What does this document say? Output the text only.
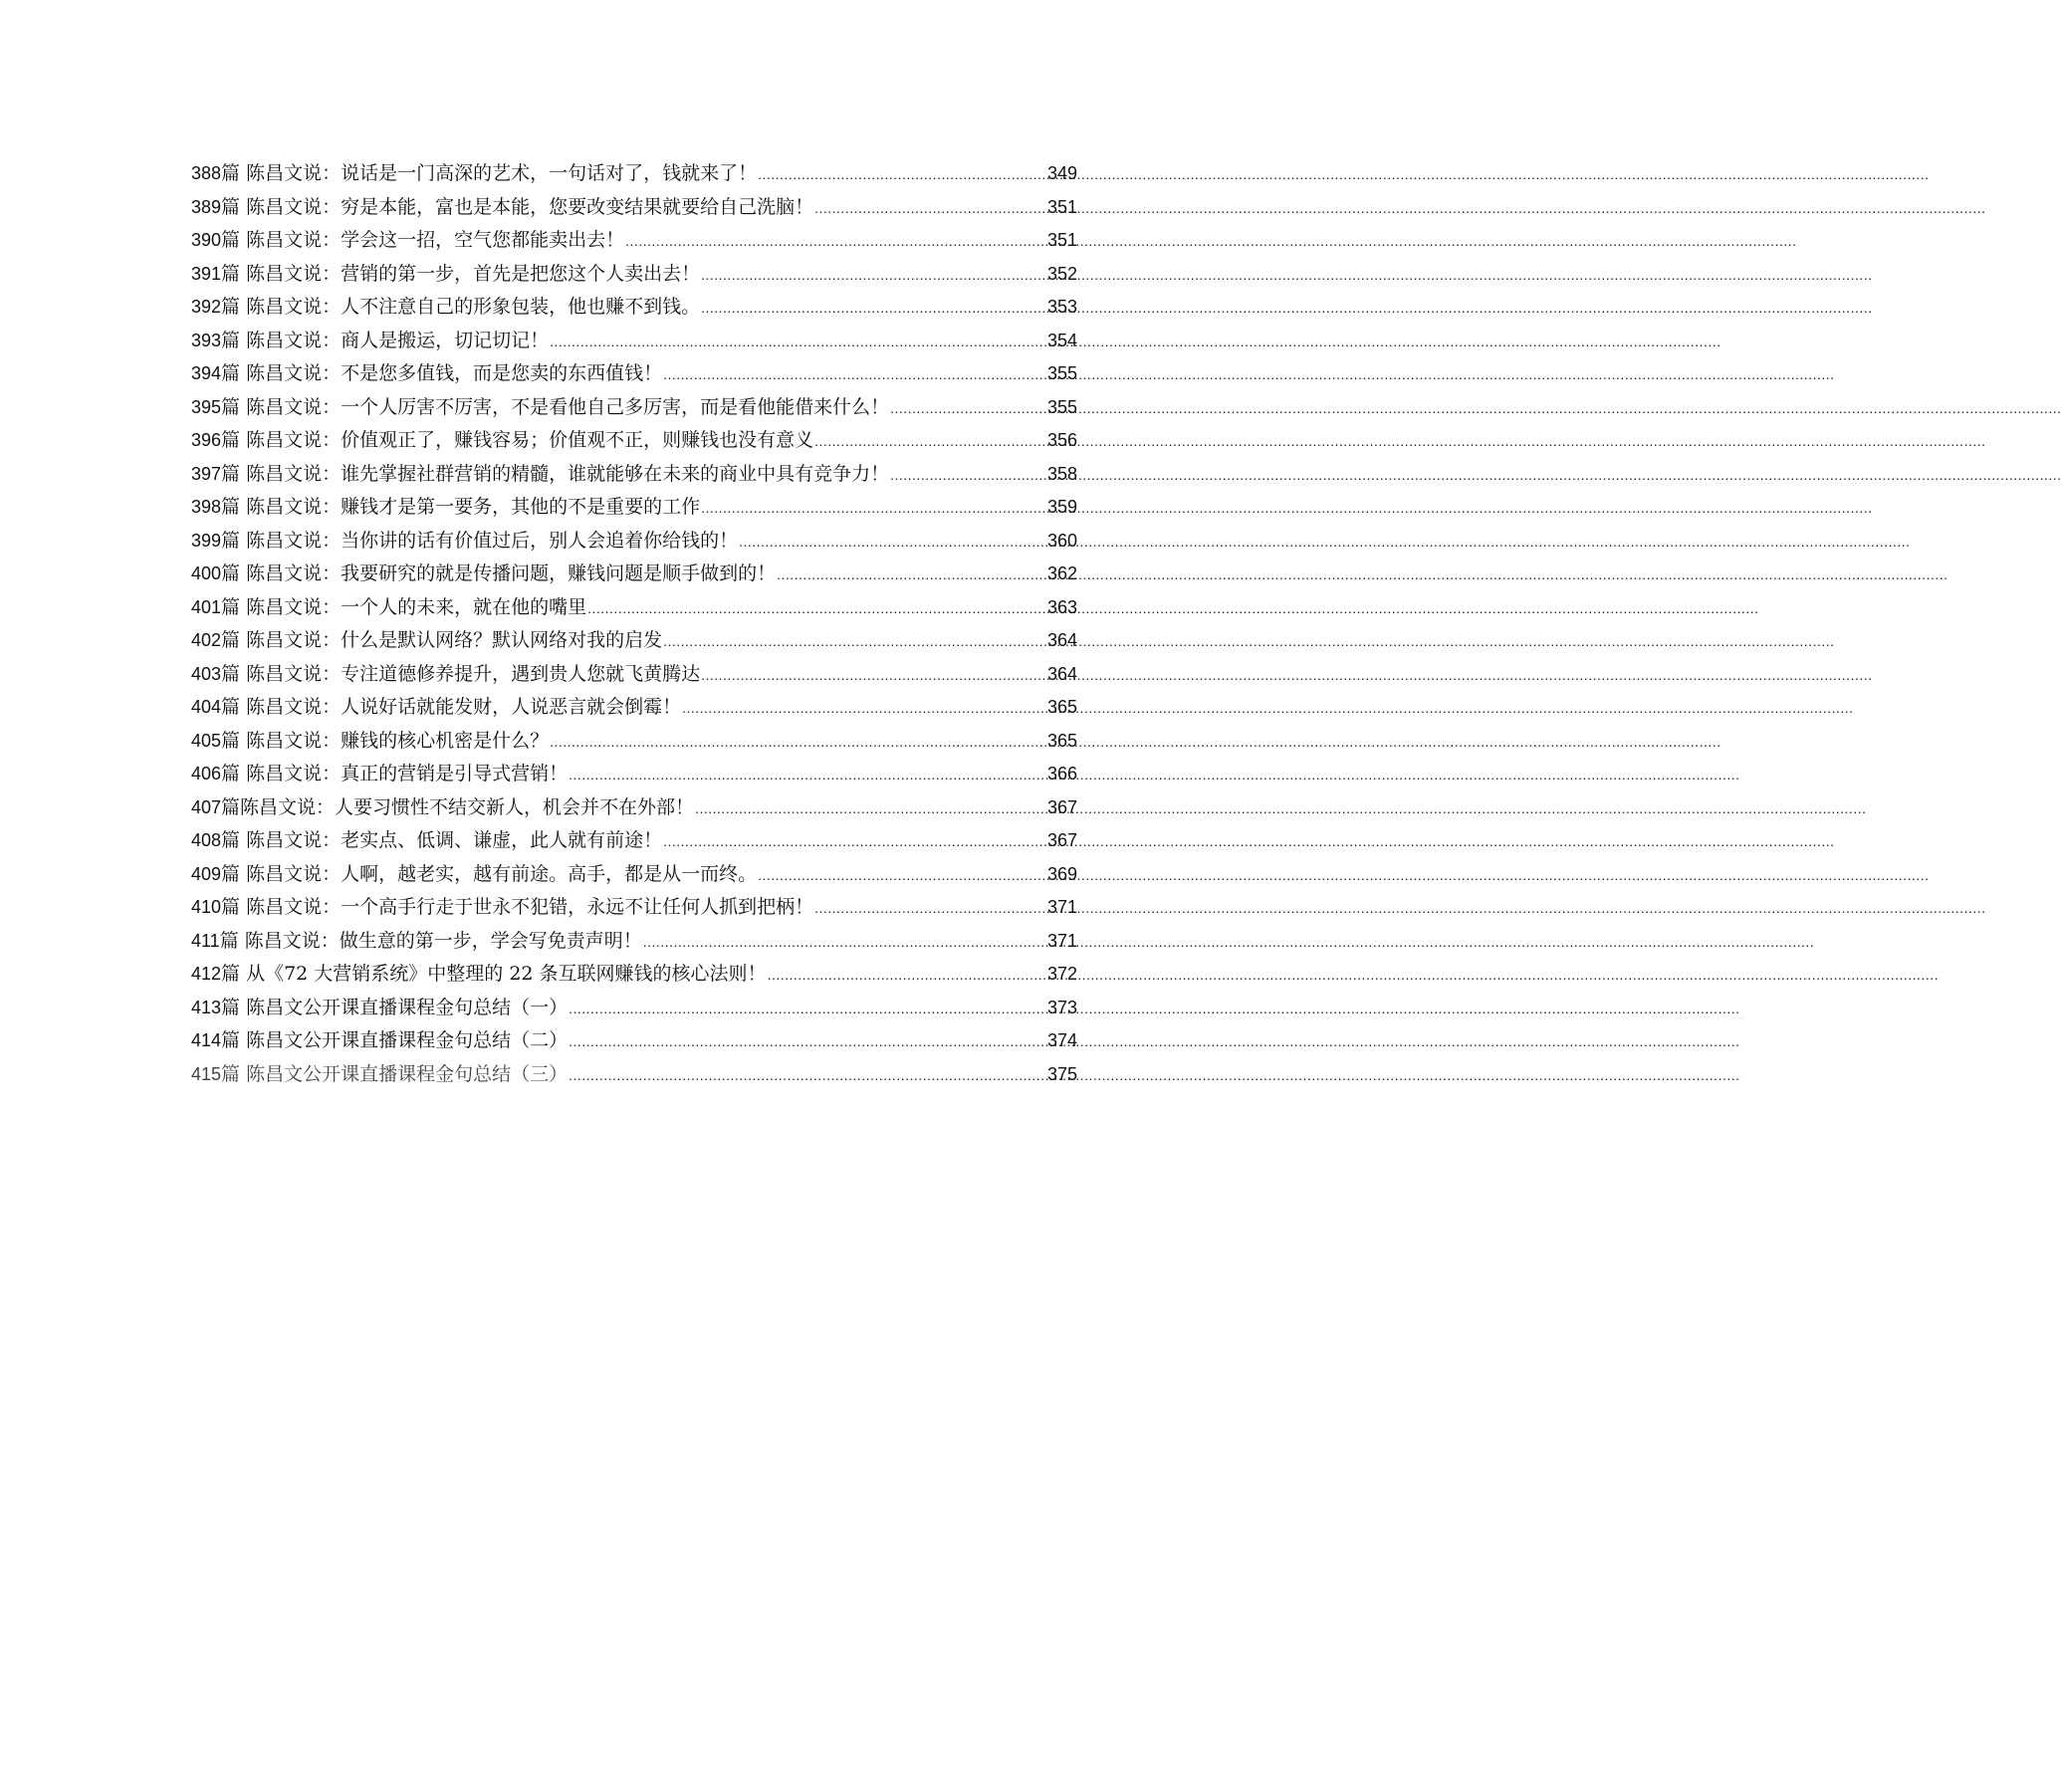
388 篇 陈昌文说：说话是一门高深的艺术，一句话对了，钱就来了！ .....	349
389 篇 陈昌文说：穷是本能，富也是本能，您要改变结果就要给自己洗脑！ .....	351
390 篇 陈昌文说：学会这一招，空气您都能卖出去！ .....	351
391 篇 陈昌文说：营销的第一步，首先是把您这个人卖出去！ .....	352
392 篇 陈昌文说：人不注意自己的形象包装，他也赚不到钱。 .....	353
393 篇 陈昌文说：商人是搬运，切记切记！ .....	354
394 篇 陈昌文说：不是您多值钱，而是您卖的东西值钱！ .....	355
395 篇 陈昌文说：一个人厉害不厉害，不是看他自己多厉害，而是看他能借来什么！ .....	355
396 篇 陈昌文说：价值观正了，赚钱容易；价值观不正，则赚钱也没有意义 .....	356
397 篇 陈昌文说：谁先掌握社群营销的精髓，谁就能够在未来的商业中具有竞争力！ .....	358
398 篇 陈昌文说：赚钱才是第一要务，其他的不是重要的工作 .....	359
399 篇 陈昌文说：当你讲的话有价值过后，别人会追着你给钱的！ .....	360
400 篇 陈昌文说：我要研究的就是传播问题，赚钱问题是顺手做到的！ .....	362
401 篇 陈昌文说：一个人的未来，就在他的嘴里 .....	363
402 篇 陈昌文说：什么是默认网络？默认网络对我的启发 .....	364
403 篇 陈昌文说：专注道德修养提升，遇到贵人您就飞黄腾达 .....	364
404 篇 陈昌文说：人说好话就能发财，人说恶言就会倒霉！ .....	365
405 篇 陈昌文说：赚钱的核心机密是什么？ .....	365
406 篇 陈昌文说：真正的营销是引导式营销！ .....	366
407 篇陈昌文说：人要习惯性不结交新人，机会并不在外部！ .....	367
408 篇 陈昌文说：老实点、低调、谦虚，此人就有前途！ .....	367
409 篇 陈昌文说：人啊，越老实，越有前途。高手，都是从一而终。 .....	369
410 篇 陈昌文说：一个高手行走于世永不犯错，永远不让任何人抓到把柄！ .....	371
411 篇 陈昌文说：做生意的第一步，学会写免责声明！ .....	371
412 篇 从《72 大营销系统》中整理的 22 条互联网赚钱的核心法则！ .....	372
413 篇 陈昌文公开课直播课程金句总结（一） .....	373
414 篇 陈昌文公开课直播课程金句总结（二） .....	374
415 篇 陈昌文公开课直播课程金句总结（三） .....	375
